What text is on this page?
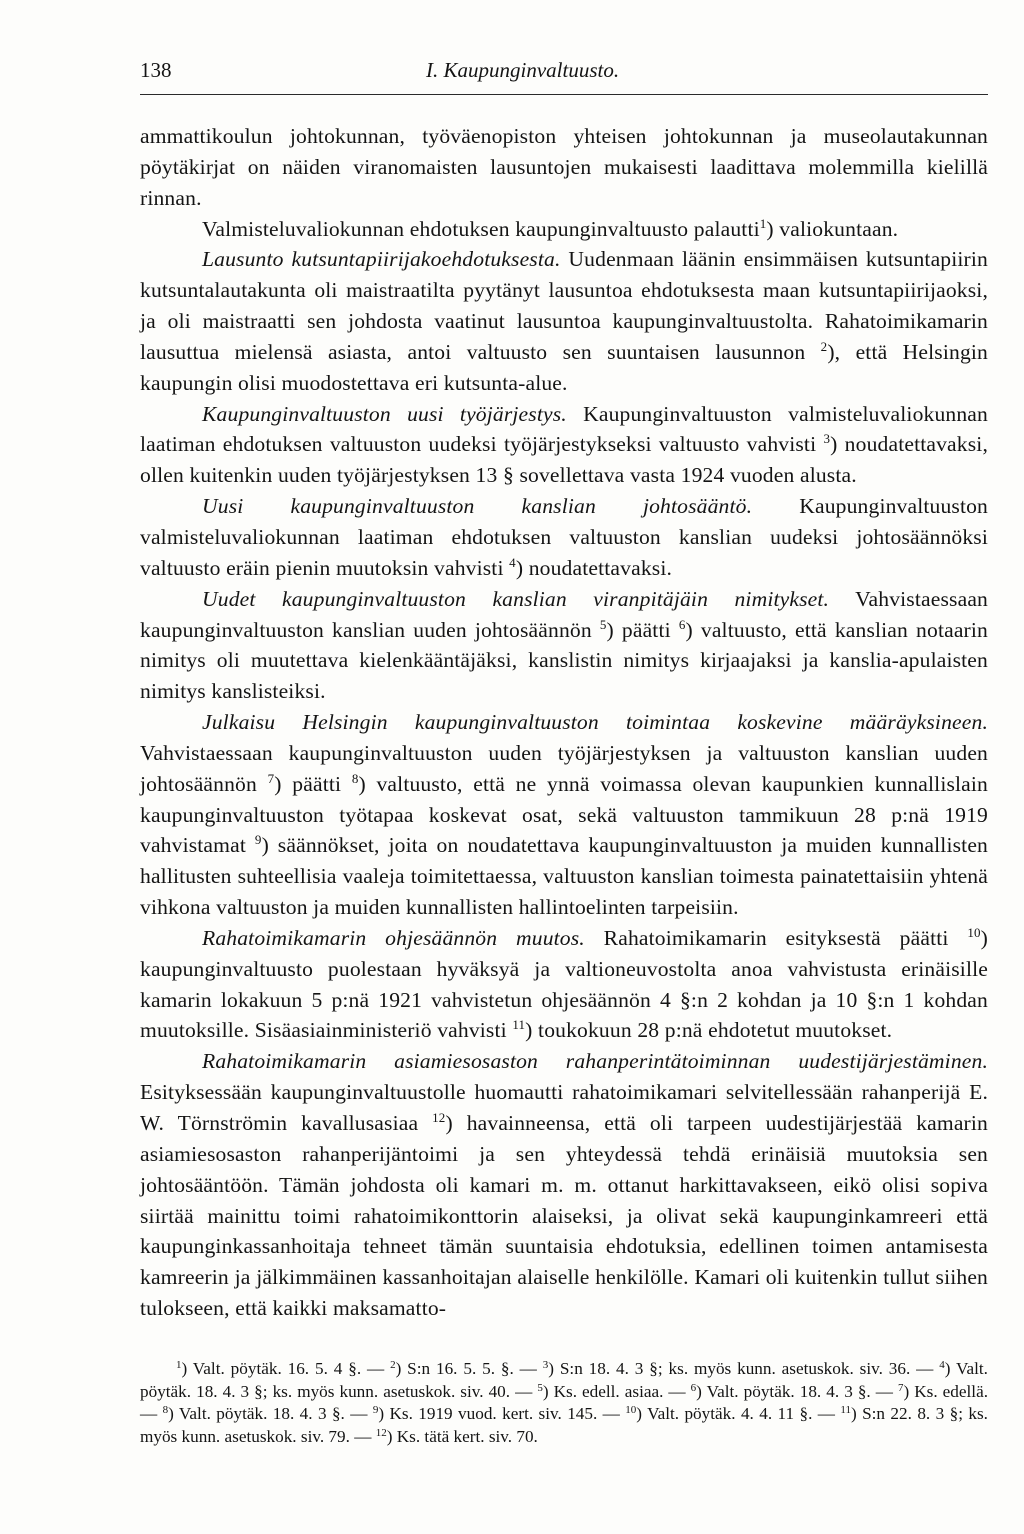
138	I. Kaupunginvaltuusto.

ammattikoulun johtokunnan, työväenopiston yhteisen johtokunnan ja museolautakunnan pöytäkirjat on näiden viranomaisten lausuntojen mukaisesti laadittava molemmilla kielillä rinnan.

Valmisteluvaliokunnan ehdotuksen kaupunginvaltuusto palautti$^1$) valiokuntaan.

Lausunto kutsuntapiirijakoehdotuksesta. Uudenmaan läänin ensimmäisen kutsuntapiirin kutsuntalautakunta oli maistraatilta pyytänyt lausuntoa ehdotuksesta maan kutsuntapiirijaoksi, ja oli maistraatti sen johdosta vaatinut lausuntoa kaupunginvaltuustolta. Rahatoimikamarin lausuttua mielensä asiasta, antoi valtuusto sen suuntaisen lausunnon $^2$), että Helsingin kaupungin olisi muodostettava eri kutsunta-alue.

Kaupunginvaltuuston uusi työjärjestys. Kaupunginvaltuuston valmisteluvaliokunnan laatiman ehdotuksen valtuuston uudeksi työjärjestykseksi valtuusto vahvisti $^3$) noudatettavaksi, ollen kuitenkin uuden työjärjestyksen 13 § sovellettava vasta 1924 vuoden alusta.

Uusi kaupunginvaltuuston kanslian johtosääntö. Kaupunginvaltuuston valmisteluvaliokunnan laatiman ehdotuksen valtuuston kanslian uudeksi johtosäännöksi valtuusto eräin pienin muutoksin vahvisti $^4$) noudatettavaksi.

Uudet kaupunginvaltuuston kanslian viranpitäjäin nimitykset. Vahvistaessaan kaupunginvaltuuston kanslian uuden johtosäännön $^5$) päätti $^6$) valtuusto, että kanslian notaarin nimitys oli muutettava kielenkääntäjäksi, kanslistin nimitys kirjaajaksi ja kanslia-apulaisten nimitys kanslisteiksi.

Julkaisu Helsingin kaupunginvaltuuston toimintaa koskevine määräyksineen. Vahvistaessaan kaupunginvaltuuston uuden työjärjestyksen ja valtuuston kanslian uuden johtosäännön $^7$) päätti $^8$) valtuusto, että ne ynnä voimassa olevan kaupunkien kunnallislain kaupunginvaltuuston työtapaa koskevat osat, sekä valtuuston tammikuun 28 p:nä 1919 vahvistamat $^9$) säännökset, joita on noudatettava kaupunginvaltuuston ja muiden kunnallisten hallitusten suhteellisia vaaleja toimitettaessa, valtuuston kanslian toimesta painatettaisiin yhtenä vihkona valtuuston ja muiden kunnallisten hallintoelinten tarpeisiin.

Rahatoimikamarin ohjesäännön muutos. Rahatoimikamarin esityksestä päätti $^{10}$) kaupunginvaltuusto puolestaan hyväksyä ja valtioneuvostolta anoa vahvistusta erinäisille kamarin lokakuun 5 p:nä 1921 vahvistetun ohjesäännön 4 §:n 2 kohdan ja 10 §:n 1 kohdan muutoksille. Sisäasiainministeriö vahvisti $^{11}$) toukokuun 28 p:nä ehdotetut muutokset.

Rahatoimikamarin asiamiesosaston rahanperintätoiminnan uudestijärjestäminen. Esityksessään kaupunginvaltuustolle huomautti rahatoimikamari selvitellessään rahanperijä E. W. Törnströmin kavallusasiaa $^{12}$) havainneensa, että oli tarpeen uudestijärjestää kamarin asiamiesosaston rahanperijäntoimi ja sen yhteydessä tehdä erinäisiä muutoksia sen johtosääntöön. Tämän johdosta oli kamari m. m. ottanut harkittavakseen, eikö olisi sopiva siirtää mainittu toimi rahatoimikonttorin alaiseksi, ja olivat sekä kaupunginkamreeri että kaupunginkassanhoitaja tehneet tämän suuntaisia ehdotuksia, edellinen toimen antamisesta kamreerin ja jälkimmäinen kassanhoitajan alaiselle henkilölle. Kamari oli kuitenkin tullut siihen tulokseen, että kaikki maksamatto-

$^1$) Valt. pöytäk. 16. 5. 4 §. — $^2$) S:n 16. 5. 5. §. — $^3$) S:n 18. 4. 3 §; ks. myös kunn. asetuskok. siv. 36. — $^4$) Valt. pöytäk. 18. 4. 3 §; ks. myös kunn. asetuskok. siv. 40. — $^5$) Ks. edell. asiaa. — $^6$) Valt. pöytäk. 18. 4. 3 §. — $^7$) Ks. edellä. — $^8$) Valt. pöytäk. 18. 4. 3 §. — $^9$) Ks. 1919 vuod. kert. siv. 145. — $^{10}$) Valt. pöytäk. 4. 4. 11 §. — $^{11}$) S:n 22. 8. 3 §; ks. myös kunn. asetuskok. siv. 79. — $^{12}$) Ks. tätä kert. siv. 70.
